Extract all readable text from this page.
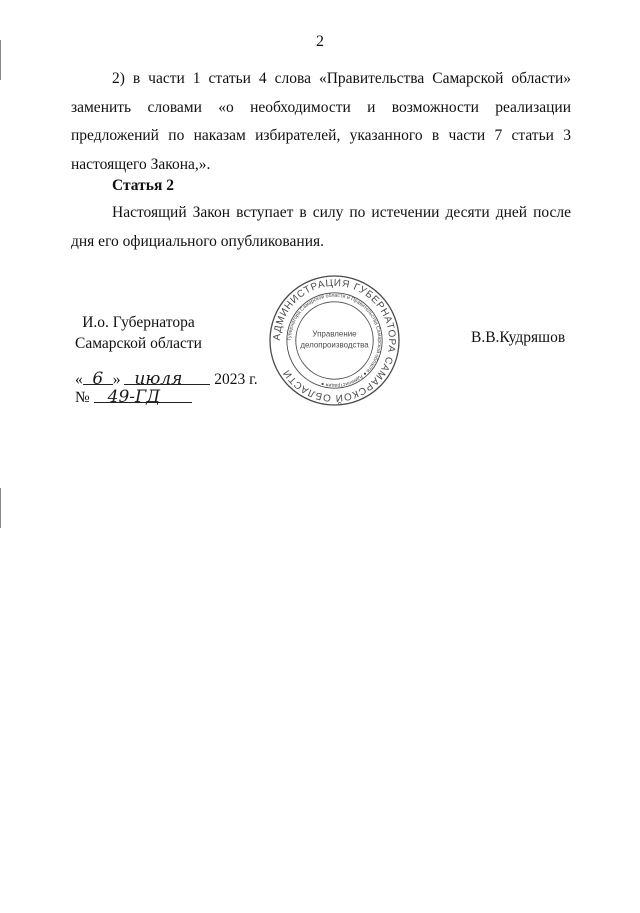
2

2) в части 1 статьи 4 слова «Правительства Самарской области» заменить словами «о необходимости и возможности реализации предложений по наказам избирателей, указанного в части 7 статьи 3 настоящего Закона,».

Статья 2

Настоящий Закон вступает в силу по истечении десяти дней после дня его официального опубликования.

И.о. Губернатора
Самарской области	В.В.Кудряшов
« 6 » июля 2023 г.
№ 49-ГД
АДМИНИСТРАЦИЯ ГУБЕРНАТОРА САМАРСКОЙ ОБЛАСТИ
Губернатора Самарской области и Правительства Самарской области ● Администрация ●
Управление
делопроизводства
